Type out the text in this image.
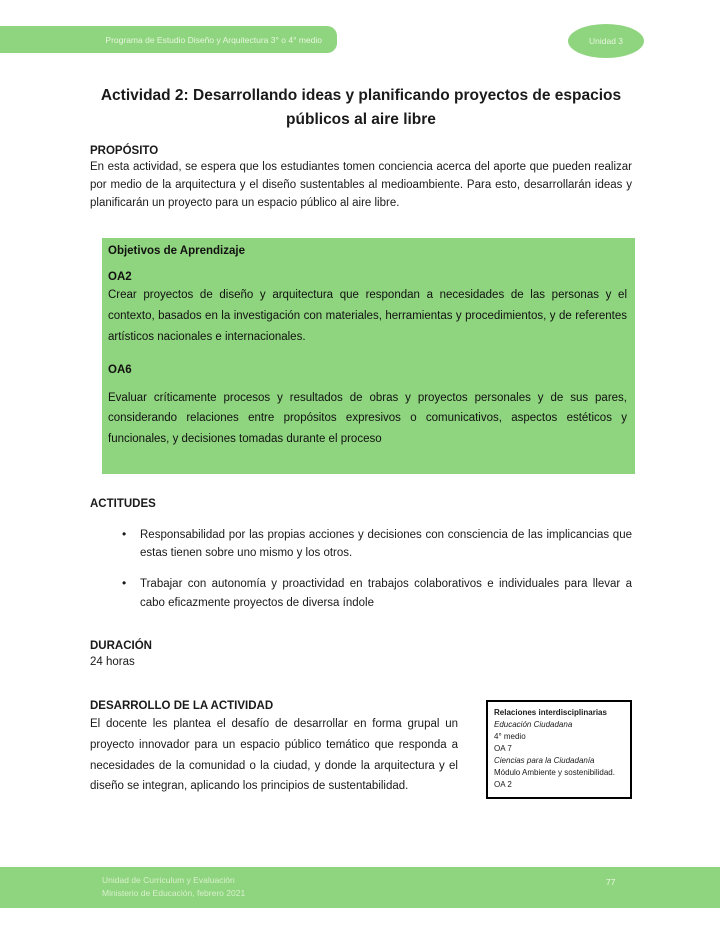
Programa de Estudio Diseño y Arquitectura 3° o 4° medio	Unidad 3
Actividad 2: Desarrollando ideas y planificando proyectos de espacios públicos al aire libre
PROPÓSITO
En esta actividad, se espera que los estudiantes tomen conciencia acerca del aporte que pueden realizar por medio de la arquitectura y el diseño sustentables al medioambiente. Para esto, desarrollarán ideas y planificarán un proyecto para un espacio público al aire libre.
Objetivos de Aprendizaje
OA2
Crear proyectos de diseño y arquitectura que respondan a necesidades de las personas y el contexto, basados en la investigación con materiales, herramientas y procedimientos, y de referentes artísticos nacionales e internacionales.
OA6
Evaluar críticamente procesos y resultados de obras y proyectos personales y de sus pares, considerando relaciones entre propósitos expresivos o comunicativos, aspectos estéticos y funcionales, y decisiones tomadas durante el proceso
ACTITUDES
• Responsabilidad por las propias acciones y decisiones con consciencia de las implicancias que estas tienen sobre uno mismo y los otros.
• Trabajar con autonomía y proactividad en trabajos colaborativos e individuales para llevar a cabo eficazmente proyectos de diversa índole
DURACIÓN
24 horas
DESARROLLO DE LA ACTIVIDAD
El docente les plantea el desafío de desarrollar en forma grupal un proyecto innovador para un espacio público temático que responda a necesidades de la comunidad o la ciudad, y donde la arquitectura y el diseño se integran, aplicando los principios de sustentabilidad.
Relaciones interdisciplinarias
Educación Ciudadana
4° medio
OA 7
Ciencias para la Ciudadanía
Módulo Ambiente y sostenibilidad.
OA 2
Unidad de Curriculum y Evaluación
Ministerio de Educación, febrero 2021
77
